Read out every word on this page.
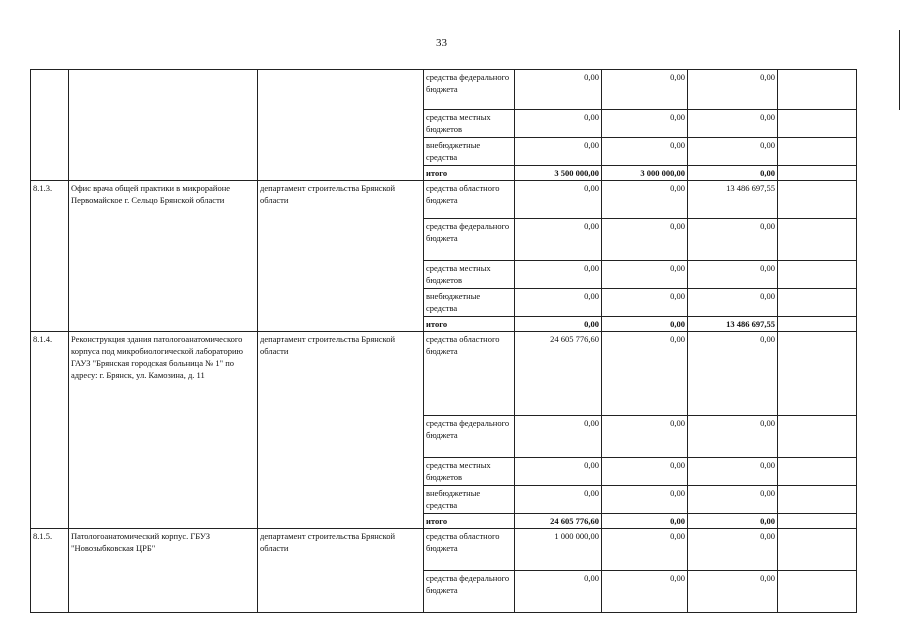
33
			средства федерального бюджета	0,00	0,00	0,00	
			средства местных бюджетов	0,00	0,00	0,00	
			внебюджетные средства	0,00	0,00	0,00	
			итого	3 500 000,00	3 000 000,00	0,00	
8.1.3.	Офис врача общей практики в микрорайоне Первомайское г. Сельцо Брянской области	департамент строительства Брянской области	средства областного бюджета	0,00	0,00	13 486 697,55	
			средства федерального бюджета	0,00	0,00	0,00	
			средства местных бюджетов	0,00	0,00	0,00	
			внебюджетные средства	0,00	0,00	0,00	
			итого	0,00	0,00	13 486 697,55	
8.1.4.	Реконструкция здания патологоанатомического корпуса под микробиологической лабораторию ГАУЗ "Брянская городская больница № 1" по адресу: г. Брянск, ул. Камозина, д. 11	департамент строительства Брянской области	средства областного бюджета	24 605 776,60	0,00	0,00	
			средства федерального бюджета	0,00	0,00	0,00	
			средства местных бюджетов	0,00	0,00	0,00	
			внебюджетные средства	0,00	0,00	0,00	
			итого	24 605 776,60	0,00	0,00	
8.1.5.	Патологоанатомический корпус. ГБУЗ "Новозыбковская ЦРБ"	департамент строительства Брянской области	средства областного бюджета	1 000 000,00	0,00	0,00	
			средства федерального бюджета	0,00	0,00	0,00	
